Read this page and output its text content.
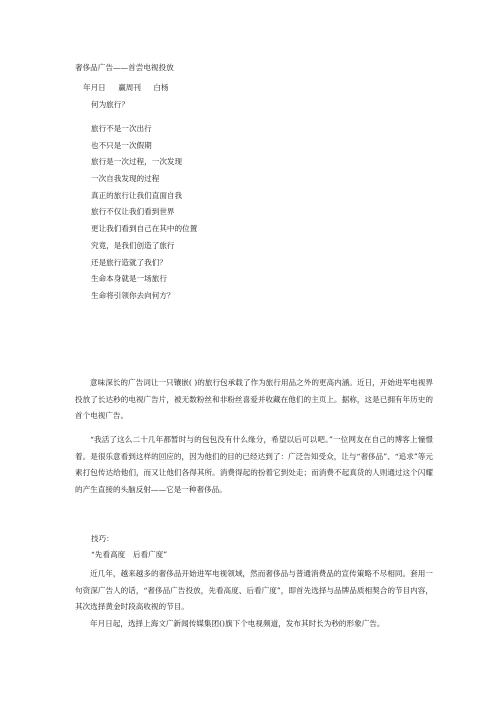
奢侈品广告——首尝电视投放

年月日 赢周刊 白杨

何为旅行？
旅行不是一次出行
也不只是一次假期
旅行是一次过程，一次发现
一次自我发现的过程
真正的旅行让我们直面自我
旅行不仅让我们看到世界
更让我们看到自己在其中的位置
究竟，是我们创造了旅行
还是旅行造就了我们？
生命本身就是一场旅行
生命将引领你去向何方？

意味深长的广告词让一只镶嵌( )的旅行包承载了作为旅行用品之外的更高内涵。近日，开始进军电视界投放了长达秒的电视广告片，被无数粉丝和非粉丝喜爱并收藏在他们的主页上。据称，这是已拥有年历史的首个电视广告。

“我活了这么二十几年都暂时与的包包没有什么缘分，希望以后可以吧。”一位网友在自己的博客上憧憬着。是很乐意看到这样的回应的，因为他们的目的已经达到了：广泛告知受众，让与“奢侈品”、“追求”等元素打包传达给他们，而又让他们各得其所。消费得起的扮着它到处走；而消费不起真货的人则通过这个闪耀的产生直接的头脑反射——它是一种奢侈品。

技巧：

“先看高度　后看广度”

近几年，越来越多的奢侈品开始进军电视领域，然而奢侈品与普通消费品的宣传策略不尽相同。套用一句资深广告人的话，“奢侈品广告投放，先看高度、后看广度”，即首先选择与品牌品质相契合的节目内容，其次选择黄金时段高收视的节目。

年月日起，选择上海文广新闻传媒集团()旗下个电视频道，发布其时长为秒的形象广告。
